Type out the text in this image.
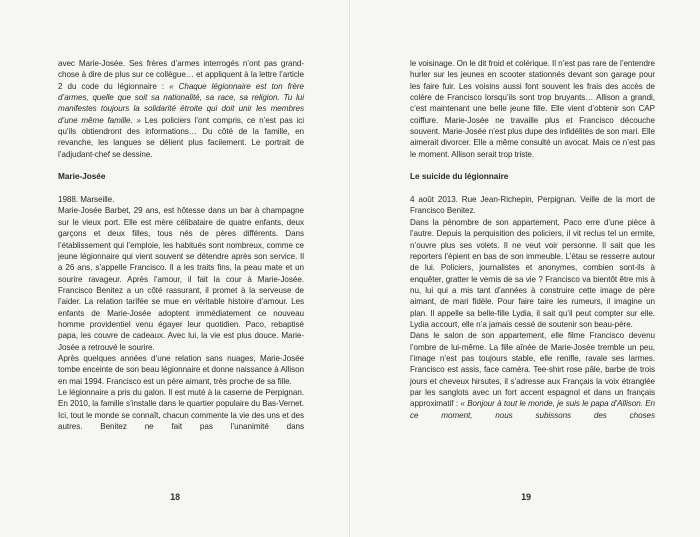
avec Marie-Josée. Ses frères d’armes interrogés n’ont pas grand-chose à dire de plus sur ce collègue… et appliquent à la lettre l’article 2 du code du légionnaire : « Chaque légionnaire est ton frère d’armes, quelle que soit sa nationalité, sa race, sa religion. Tu lui manifestes toujours la solidarité étroite qui doit unir les membres d’une même famille. » Les policiers l’ont compris, ce n’est pas ici qu’ils obtiendront des informations… Du côté de la famille, en revanche, les langues se délient plus facilement. Le portrait de l’adjudant-chef se dessine.

Marie-Josée

1988. Marseille.

Marie-Josée Barbet, 29 ans, est hôtesse dans un bar à champagne sur le vieux port. Elle est mère célibataire de quatre enfants, deux garçons et deux filles, tous nés de pères différents. Dans l’établissement qui l’emploie, les habitués sont nombreux, comme ce jeune légionnaire qui vient souvent se détendre après son service. Il a 26 ans, s’appelle Francisco. Il a les traits fins, la peau mate et un sourire ravageur. Après l’amour, il fait la cour à Marie-Josée. Francisco Benitez a un côté rassurant, il promet à la serveuse de l’aider. La relation tarifée se mue en véritable histoire d’amour. Les enfants de Marie-Josée adoptent immédiatement ce nouveau homme providentiel venu égayer leur quotidien. Paco, rebaptisé papa, les couvre de cadeaux. Avec lui, la vie est plus douce. Marie-Josée a retrouvé le sourire.

Après quelques années d’une relation sans nuages, Marie-Josée tombe enceinte de son beau légionnaire et donne naissance à Allison en mai 1994. Francisco est un père aimant, très proche de sa fille.

Le légionnaire a pris du galon. Il est muté à la caserne de Perpignan. En 2010, la famille s’installe dans le quartier populaire du Bas-Vernet. Ici, tout le monde se connaît, chacun commente la vie des uns et des autres. Benitez ne fait pas l’unanimité dans

18

le voisinage. On le dit froid et colérique. Il n’est pas rare de l’entendre hurler sur les jeunes en scooter stationnés devant son garage pour les faire fuir. Les voisins aussi font souvent les frais des accès de colère de Francisco lorsqu’ils sont trop bruyants… Allison a grandi, c’est maintenant une belle jeune fille. Elle vient d’obtenir son CAP coiffure. Marie-Josée ne travaille plus et Francisco découche souvent. Marie-Josée n’est plus dupe des infidélités de son mari. Elle aimerait divorcer. Elle a même consulté un avocat. Mais ce n’est pas le moment. Allison serait trop triste.

Le suicide du légionnaire

4 août 2013. Rue Jean-Richepin, Perpignan. Veille de la mort de Francisco Benitez.

Dans la pénombre de son appartement, Paco erre d’une pièce à l’autre. Depuis la perquisition des policiers, il vit reclus tel un ermite, n’ouvre plus ses volets. Il ne veut voir personne. Il sait que les reporters l’épient en bas de son immeuble. L’étau se resserre autour de lui. Policiers, journalistes et anonymes, combien sont-ils à enquêter, gratter le vernis de sa vie ? Francisco va bientôt être mis à nu, lui qui a mis tant d’années à construire cette image de père aimant, de mari fidèle. Pour faire taire les rumeurs, il imagine un plan. Il appelle sa belle-fille Lydia, il sait qu’il peut compter sur elle. Lydia accourt, elle n’a jamais cessé de soutenir son beau-père.

Dans le salon de son appartement, elle filme Francisco devenu l’ombre de lui-même. La fille aînée de Marie-Josée tremble un peu, l’image n’est pas toujours stable, elle renifle, ravale ses larmes. Francisco est assis, face caméra. Tee-shirt rose pâle, barbe de trois jours et cheveux hirsutes, il s’adresse aux Français la voix étranglée par les sanglots avec un fort accent espagnol et dans un français approximatif : « Bonjour à tout le monde, je suis le papa d’Allison. En ce moment, nous subissons des choses

19
